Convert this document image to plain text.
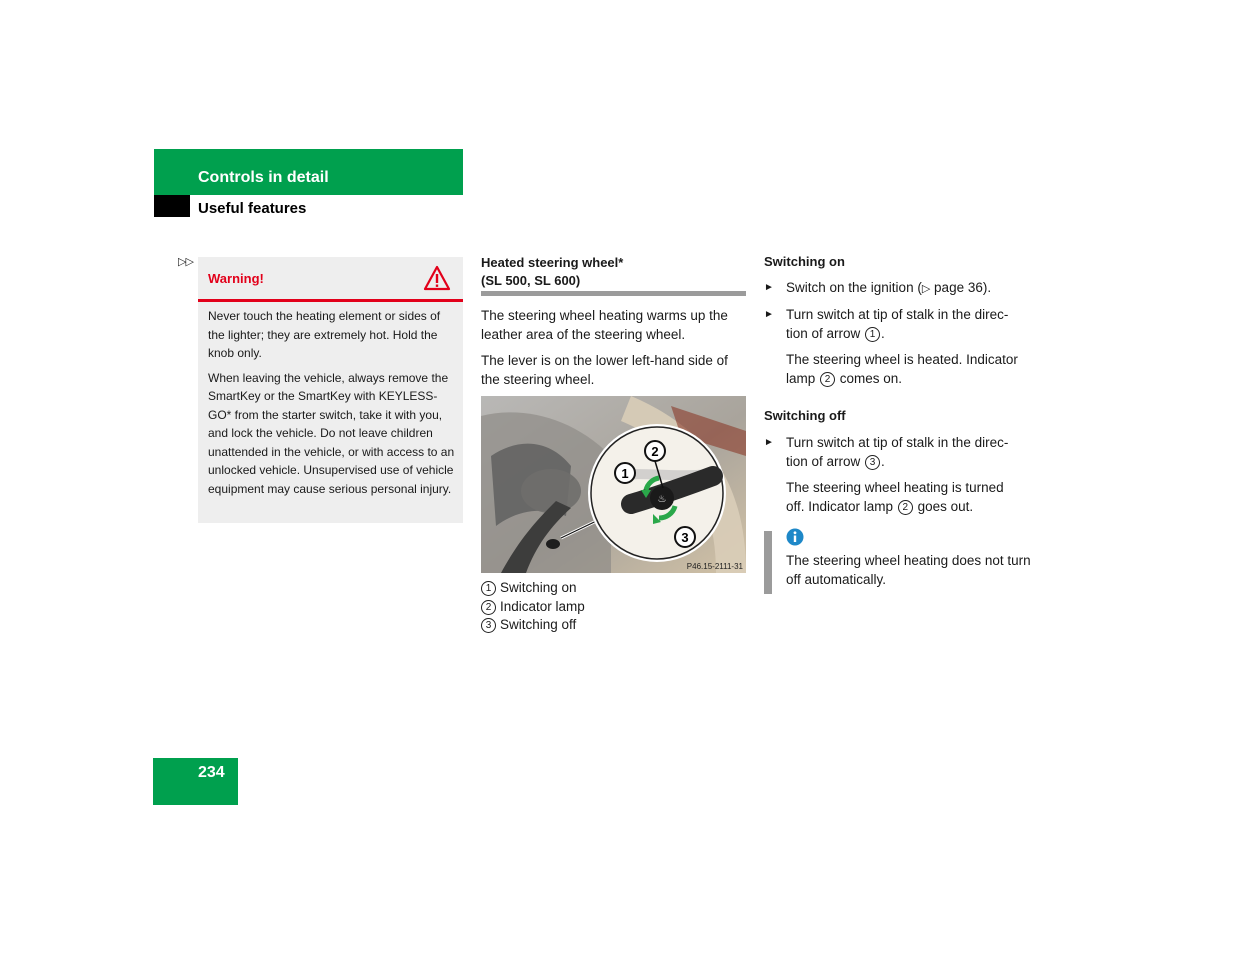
Controls in detail
Useful features
▷▷
Warning!

Never touch the heating element or sides of the lighter; they are extremely hot. Hold the knob only.

When leaving the vehicle, always remove the SmartKey or the SmartKey with KEYLESS-GO* from the starter switch, take it with you, and lock the vehicle. Do not leave children unattended in the vehicle, or with access to an unlocked vehicle. Unsupervised use of vehicle equipment may cause serious personal injury.

Heated steering wheel*
(SL 500, SL 600)
The steering wheel heating warms up the leather area of the steering wheel.
The lever is on the lower left-hand side of the steering wheel.
♨
2
1
3
P46.15-2111-31
1 Switching on
2 Indicator lamp
3 Switching off
Switching on
► Switch on the ignition (▷ page 36).
► Turn switch at tip of stalk in the direc-
tion of arrow 1 .
The steering wheel is heated. Indicator
lamp 2 comes on.
Switching off
► Turn switch at tip of stalk in the direc-
tion of arrow 3 .
The steering wheel heating is turned
off. Indicator lamp 2 goes out.
The steering wheel heating does not turn off automatically.
234
